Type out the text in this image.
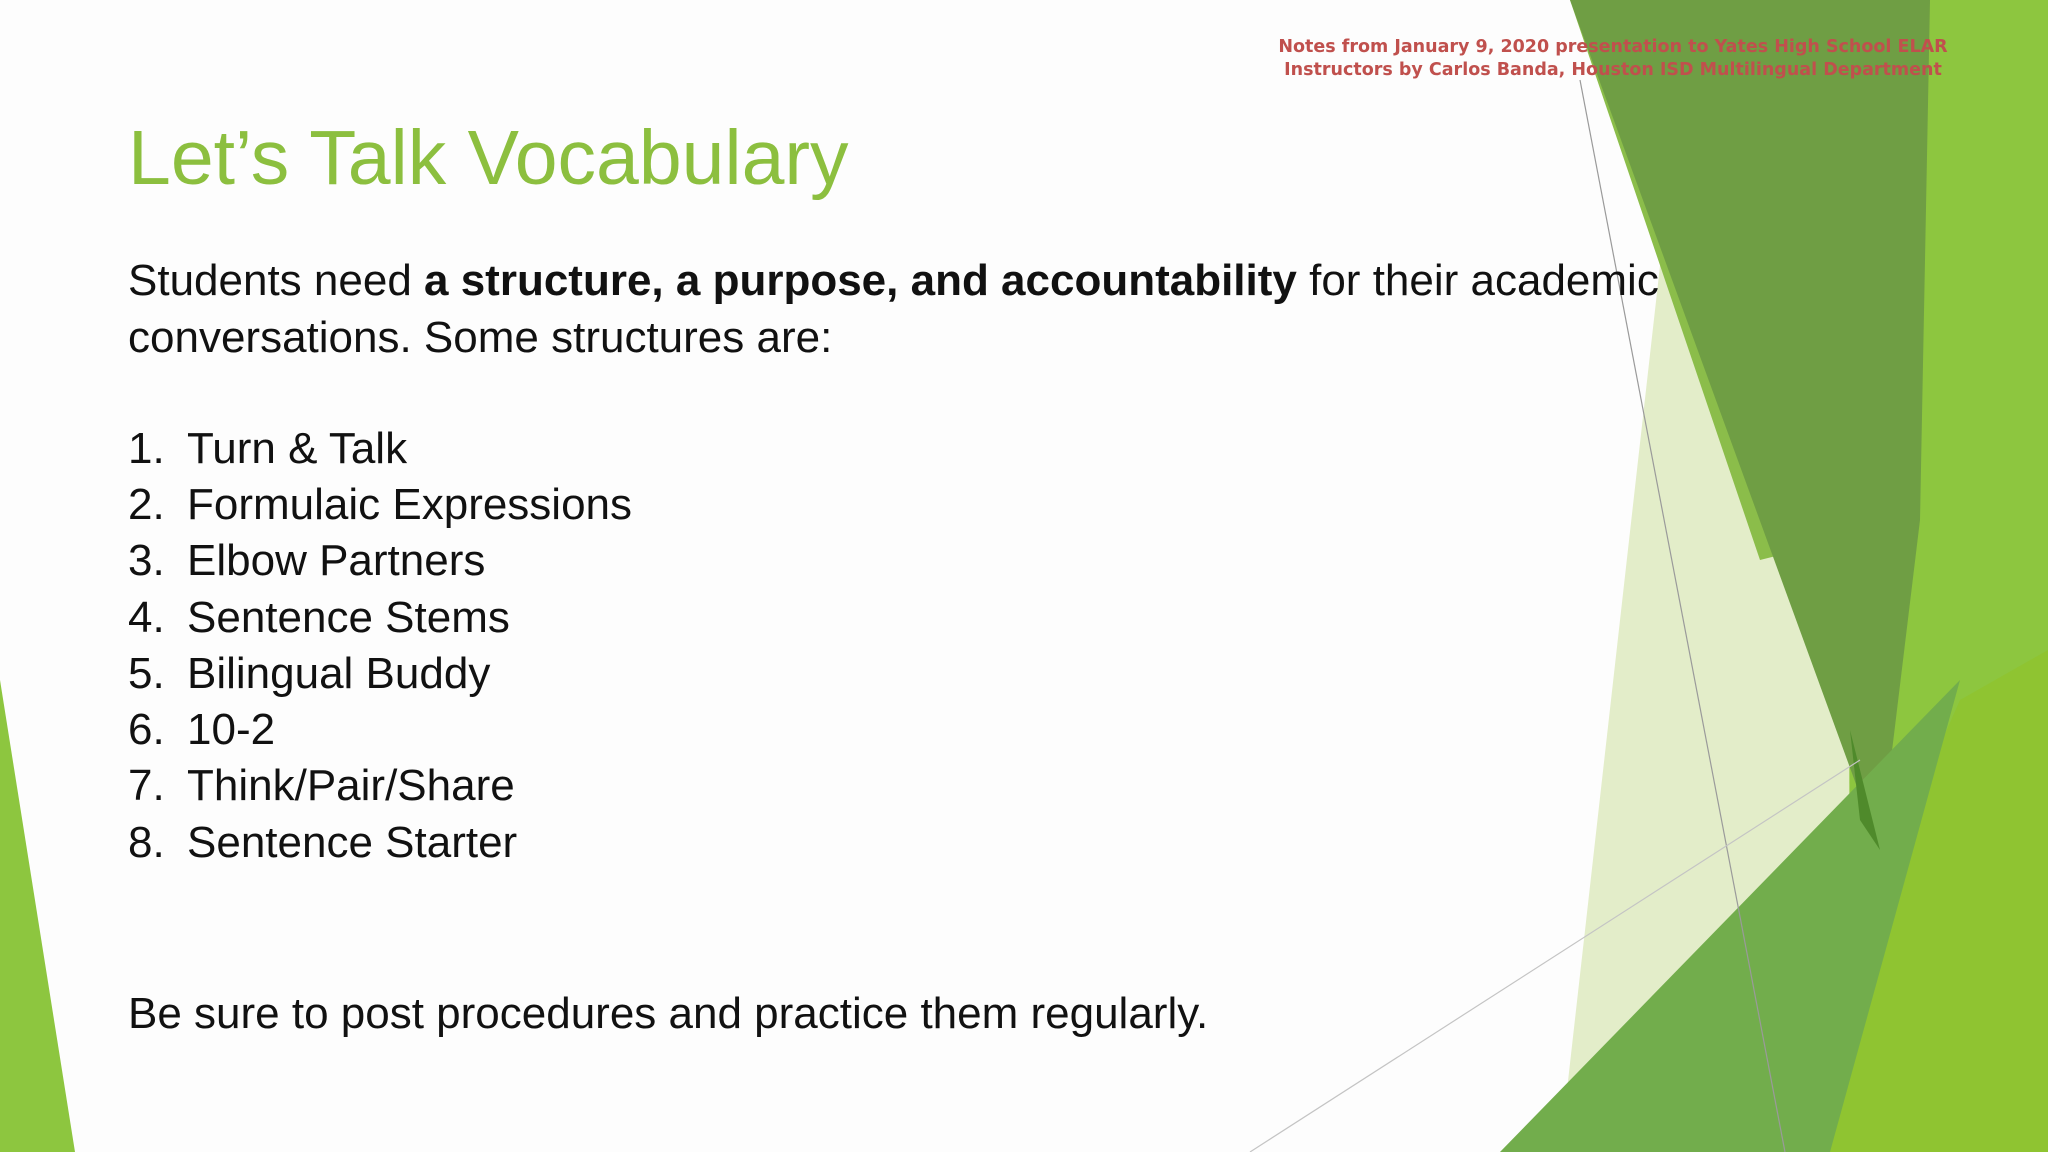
Notes from January 9, 2020 presentation to Yates High School ELAR
Instructors by Carlos Banda, Houston ISD Multilingual Department
Let’s Talk Vocabulary

Students need a structure, a purpose, and accountability for their academic conversations. Some structures are:

1. Turn & Talk
2. Formulaic Expressions
3. Elbow Partners
4. Sentence Stems
5. Bilingual Buddy
6. 10-2
7. Think/Pair/Share
8. Sentence Starter

Be sure to post procedures and practice them regularly.
